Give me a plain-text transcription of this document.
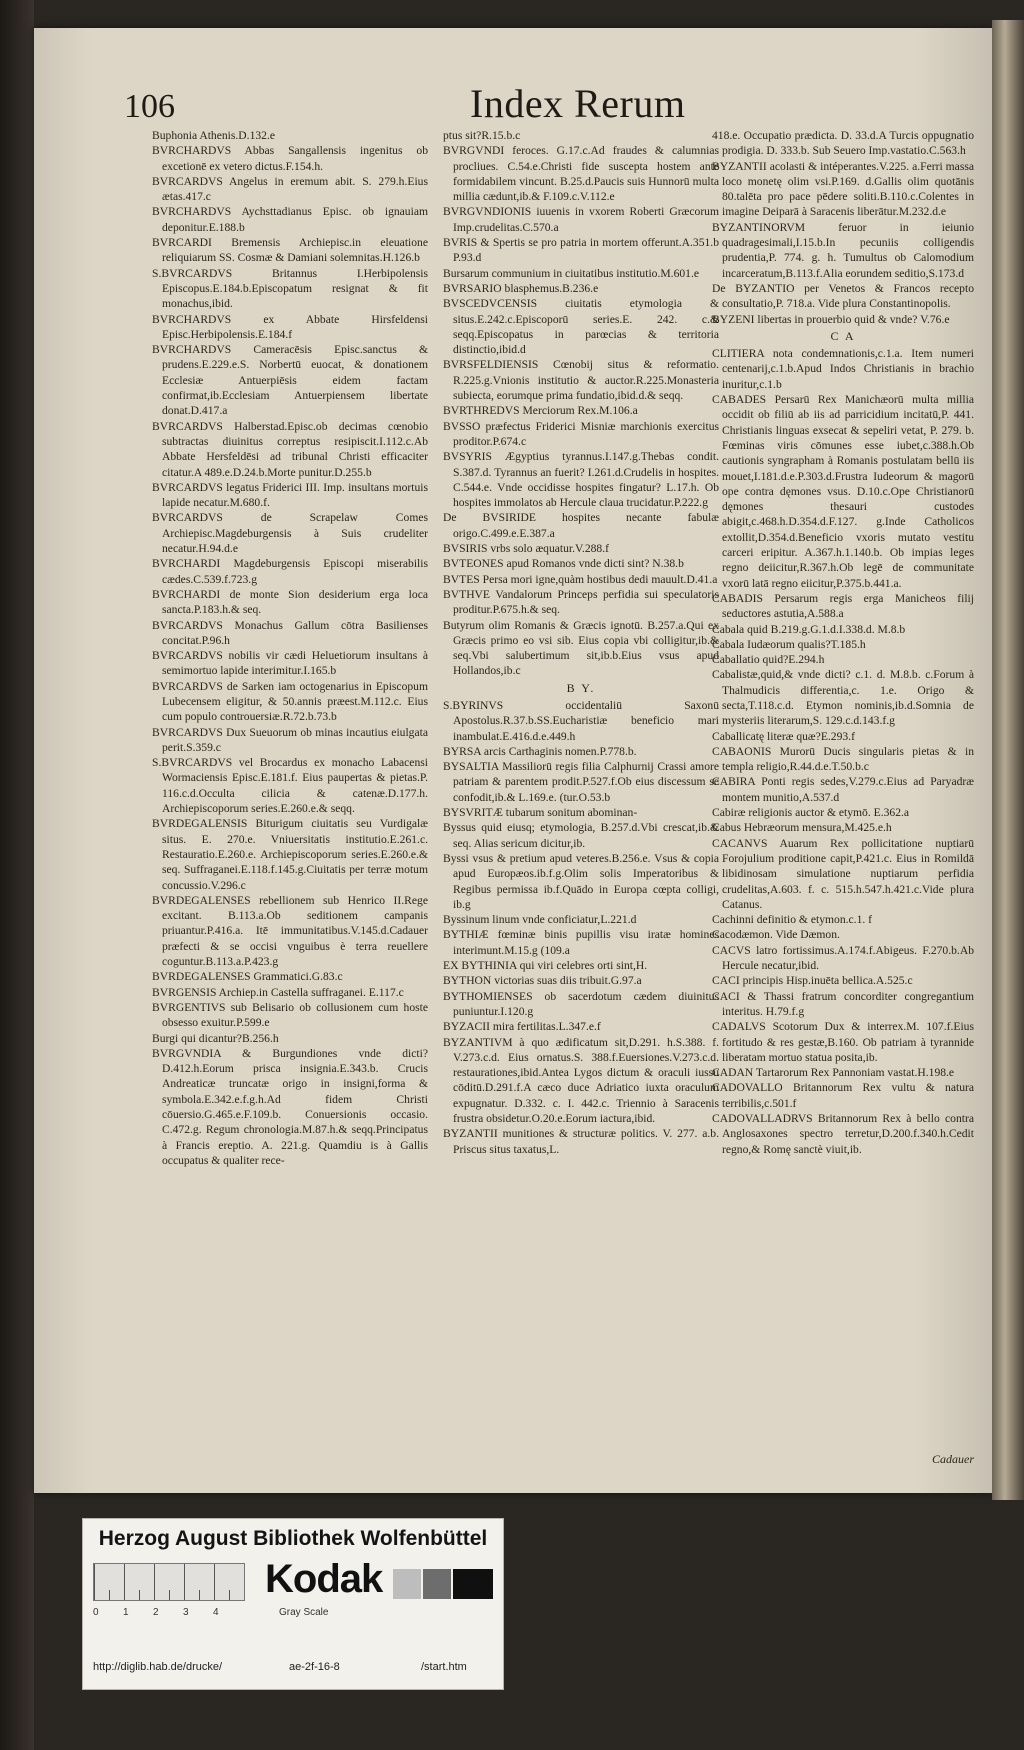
106	Index Rerum

Buphonia Athenis.D.132.e

BVRCHARDVS Abbas Sangallensis ingenitus ob excetionē ex vetero dictus.F.154.h.

BVRCARDVS Angelus in eremum abit. S. 279.h.Eius ætas.417.c

BVRCHARDVS Aychsttadianus Episc. ob ignauiam deponitur.E.188.b

BVRCARDI Bremensis Archiepisc.in eleuatione reliquiarum SS. Cosmæ & Damiani solemnitas.H.126.b

S.BVRCARDVS Britannus I.Herbipolensis Episcopus.E.184.b.Episcopatum resignat & fit monachus,ibid.

BVRCHARDVS ex Abbate Hirsfeldensi Episc.Herbipolensis.E.184.f

BVRCHARDVS Cameracēsis Episc.sanctus & prudens.E.229.e.S. Norbertū euocat, & donationem Ecclesiæ Antuerpiēsis eidem factam confirmat,ib.Ecclesiam Antuerpiensem libertate donat.D.417.a

BVRCARDVS Halberstad.Episc.ob decimas cœnobio subtractas diuinitus correptus resipiscit.I.112.c.Ab Abbate Hersfeldēsi ad tribunal Christi efficaciter citatur.A 489.e.D.24.b.Morte punitur.D.255.b

BVRCARDVS legatus Friderici III. Imp. insultans mortuis lapide necatur.M.680.f.

BVRCARDVS de Scrapelaw Comes Archiepisc.Magdeburgensis à Suis crudeliter necatur.H.94.d.e

BVRCHARDI Magdeburgensis Episcopi miserabilis cædes.C.539.f.723.g

BVRCHARDI de monte Sion desiderium erga loca sancta.P.183.h.& seq.

BVRCARDVS Monachus Gallum cōtra Basilienses concitat.P.96.h

BVRCARDVS nobilis vir cædi Heluetiorum insultans à semimortuo lapide interimitur.I.165.b

BVRCARDVS de Sarken iam octogenarius in Episcopum Lubecensem eligitur, & 50.annis præest.M.112.c. Eius cum populo controuersiæ.R.72.b.73.b

BVRCARDVS Dux Sueuorum ob minas incautius eiulgata perit.S.359.c

S.BVRCARDVS vel Brocardus ex monacho Labacensi Wormaciensis Episc.E.181.f. Eius paupertas & pietas.P. 116.c.d.Occulta cilicia & catenæ.D.177.h. Archiepiscoporum series.E.260.e.& seqq.

BVRDEGALENSIS Biturigum ciuitatis seu Vurdigalæ situs. E. 270.e. Vniuersitatis institutio.E.261.c. Restauratio.E.260.e. Archiepiscoporum series.E.260.e.& seq. Suffraganei.E.118.f.145.g.Ciuitatis per terræ motum concussio.V.296.c

BVRDEGALENSES rebellionem sub Henrico II.Rege excitant. B.113.a.Ob seditionem campanis priuantur.P.416.a. Itē immunitatibus.V.145.d.Cadauer præfecti & se occisi vnguibus è terra reuellere coguntur.B.113.a.P.423.g

BVRDEGALENSES Grammatici.G.83.c

BVRGENSIS Archiep.in Castella suffraganei. E.117.c

BVRGENTIVS sub Belisario ob collusionem cum hoste obsesso exuitur.P.599.e

Burgi qui dicantur?B.256.h

BVRGVNDIA & Burgundiones vnde dicti? D.412.h.Eorum prisca insignia.E.343.b. Crucis Andreaticæ truncatæ origo in insigni,forma & symbola.E.342.e.f.g.h.Ad fidem Christi cōuersio.G.465.e.F.109.b. Conuersionis occasio. C.472.g. Regum chronologia.M.87.h.& seqq.Principatus à Francis ereptio. A. 221.g. Quamdiu is à Gallis occupatus & qualiter rece-

ptus sit?R.15.b.c

BVRGVNDI feroces. G.17.c.Ad fraudes & calumnias procliues. C.54.e.Christi fide suscepta hostem ante formidabilem vincunt. B.25.d.Paucis suis Hunnorū multa millia cædunt,ib.& F.109.c.V.112.e

BVRGVNDIONIS iuuenis in vxorem Roberti Græcorum Imp.crudelitas.C.570.a

BVRIS & Spertis se pro patria in mortem offerunt.A.351.b P.93.d

Bursarum communium in ciuitatibus institutio.M.601.e

BVRSARIO blasphemus.B.236.e

BVSCEDVCENSIS ciuitatis etymologia & situs.E.242.c.Episcoporū series.E. 242. c.& seqq.Episcopatus in parœcias & territoria distinctio,ibid.d

BVRSFELDIENSIS Cœnobij situs & reformatio. R.225.g.Vnionis institutio & auctor.R.225.Monasteria subiecta, eorumque prima fundatio,ibid.d.& seqq.

BVRTHREDVS Merciorum Rex.M.106.a

BVSSO præfectus Friderici Misniæ marchionis exercitus proditor.P.674.c

BVSYRIS Ægyptius tyrannus.I.147.g.Thebas condit. S.387.d. Tyrannus an fuerit? I.261.d.Crudelis in hospites. C.544.e. Vnde occidisse hospites fingatur? L.17.h. Ob hospites immolatos ab Hercule claua trucidatur.P.222.g

De BVSIRIDE hospites necante fabulæ origo.C.499.e.E.387.a

BVSIRIS vrbs solo æquatur.V.288.f

BVTEONES apud Romanos vnde dicti sint? N.38.b

BVTES Persa mori igne,quàm hostibus dedi mauult.D.41.a

BVTHVE Vandalorum Princeps perfidia sui speculatoris proditur.P.675.h.& seq.

Butyrum olim Romanis & Græcis ignotū. B.257.a.Qui ex Græcis primo eo vsi sib. Eius copia vbi colligitur,ib.& seq.Vbi salubertimum sit,ib.b.Eius vsus apud Hollandos,ib.c

B Y.

S.BYRINVS occidentaliū Saxonū Apostolus.R.37.b.SS.Eucharistiæ beneficio mari inambulat.E.416.d.e.449.h

BYRSA arcis Carthaginis nomen.P.778.b.

BYSALTIA Massiliorū regis filia Calphurnij Crassi amore patriam & parentem prodit.P.527.f.Ob eius discessum se confodit,ib.& L.169.e. (tur.O.53.b

BYSVRITÆ tubarum sonitum abominan-

Byssus quid eiusq; etymologia, B.257.d.Vbi crescat,ib.& seq. Alias sericum dicitur,ib.

Byssi vsus & pretium apud veteres.B.256.e. Vsus & copia apud Europæos.ib.f.g.Olim solis Imperatoribus & Regibus permissa ib.f.Quādo in Europa cœpta colligi, ib.g

Byssinum linum vnde conficiatur,L.221.d

BYTHIÆ fœminæ binis pupillis visu iratæ homines interimunt.M.15.g (109.a

EX BYTHINIA qui viri celebres orti sint,H.

BYTHON victorias suas diis tribuit.G.97.a

BYTHOMIENSES ob sacerdotum cædem diuinitus puniuntur.I.120.g

BYZACII mira fertilitas.L.347.e.f

BYZANTIVM à quo ædificatum sit,D.291. h.S.388. f. V.273.c.d. Eius ornatus.S. 388.f.Euersiones.V.273.c.d. restaurationes,ibid.Antea Lygos dictum & oraculi iussu cōditū.D.291.f.A cæco duce Adriatico iuxta oraculum expugnatur. D.332. c. I. 442.c. Triennio à Saracenis frustra obsidetur.O.20.e.Eorum iactura,ibid.

BYZANTII munitiones & structuræ politics. V. 277. a.b. Priscus situs taxatus,L.

418.e. Occupatio prædicta. D. 33.d.A Turcis oppugnatio prodigia. D. 333.b. Sub Seuero Imp.vastatio.C.563.h

BYZANTII acolasti & intéperantes.V.225. a.Ferri massa loco monetę olim vsi.P.169. d.Gallis olim quotānis 80.talēta pro pace pēdere soliti.B.110.c.Colentes in imagine Deiparā à Saracenis liberātur.M.232.d.e

BYZANTINORVM feruor in ieiunio quadragesimali,I.15.b.In pecuniis colligendis prudentia,P. 774. g. h. Tumultus ob Calomodium incarceratum,B.113.f.Alia eorundem seditio,S.173.d

De BYZANTIO per Venetos & Francos recepto consultatio,P. 718.a. Vide plura Constantinopolis.

BYZENI libertas in prouerbio quid & vnde? V.76.e

C A

CLITIERA nota condemnationis,c.1.a. Item numeri centenarij,c.1.b.Apud Indos Christianis in brachio inuritur,c.1.b

CABADES Persarū Rex Manichæorū multa millia occidit ob filiū ab iis ad parricidium incitatū,P. 441. Christianis linguas exsecat & sepeliri vetat, P. 279. b. Fœminas viris cōmunes esse iubet,c.388.h.Ob cautionis syngrapham à Romanis postulatam bellū iis mouet,I.181.d.e.P.303.d.Frustra Iudeorum & magorū ope contra dęmones vsus. D.10.c.Ope Christianorū dęmones thesauri custodes abigit,c.468.h.D.354.d.F.127. g.Inde Catholicos extollit,D.354.d.Beneficio vxoris mutato vestitu carceri eripitur. A.367.h.1.140.b. Ob impias leges regno deiicitur,R.367.h.Ob legē de communitate vxorū latā regno eiicitur,P.375.b.441.a.

CABADIS Persarum regis erga Manicheos filij seductores astutia,A.588.a

Cabala quid B.219.g.G.1.d.I.338.d. M.8.b

Cabala Iudæorum qualis?T.185.h

Caballatio quid?E.294.h

Cabalistæ,quid,& vnde dicti? c.1. d. M.8.b. c.Forum à Thalmudicis differentia,c. 1.e. Origo & secta,T.118.c.d. Etymon nominis,ib.d.Somnia de mysteriis literarum,S. 129.c.d.143.f.g

Caballicatę literæ quæ?E.293.f

CABAONIS Murorū Ducis singularis pietas & in templa religio,R.44.d.e.T.50.b.c

CABIRA Ponti regis sedes,V.279.c.Eius ad Paryadræ montem munitio,A.537.d

Cabiræ religionis auctor & etymō. E.362.a

Cabus Hebræorum mensura,M.425.e.h

CACANVS Auarum Rex pollicitatione nuptiarū Forojulium proditione capit,P.421.c. Eius in Romildā libidinosam simulatione nuptiarum perfidia crudelitas,A.603. f. c. 515.h.547.h.421.c.Vide plura Catanus.

Cachinni definitio & etymon.c.1. f

Cacodæmon. Vide Dæmon.

CACVS latro fortissimus.A.174.f.Abigeus. F.270.b.Ab Hercule necatur,ibid.

CACI principis Hisp.inuēta bellica.A.525.c

CACI & Thassi fratrum concorditer congregantium interitus. H.79.f.g

CADALVS Scotorum Dux & interrex.M. 107.f.Eius fortitudo & res gestæ,B.160. Ob patriam à tyrannide liberatam mortuo statua posita,ib.

CADAN Tartarorum Rex Pannoniam vastat.H.198.e

CADOVALLO Britannorum Rex vultu & natura terribilis,c.501.f

CADOVALLADRVS Britannorum Rex à bello contra Anglosaxones spectro terretur,D.200.f.340.h.Cedit regno,& Romę sanctè viuit,ib.

Cadauer
Herzog August Bibliothek Wolfenbüttel
0 1 2 3 4
Kodak
Gray Scale
http://diglib.hab.de/drucke/	ae-2f-16-8	/start.htm
